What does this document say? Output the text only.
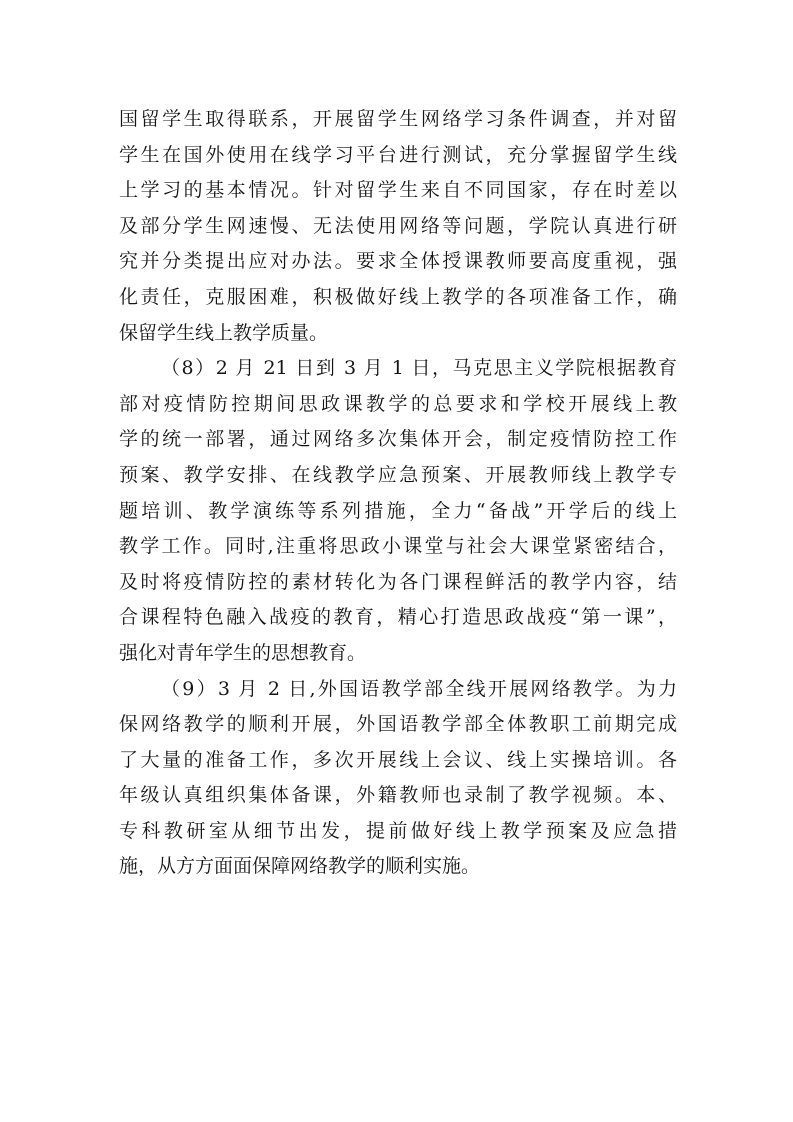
国留学生取得联系，开展留学生网络学习条件调查，并对留
学生在国外使用在线学习平台进行测试，充分掌握留学生线
上学习的基本情况。针对留学生来自不同国家，存在时差以
及部分学生网速慢、无法使用网络等问题，学院认真进行研
究并分类提出应对办法。要求全体授课教师要高度重视，强
化责任，克服困难，积极做好线上教学的各项准备工作，确
保留学生线上教学质量。
（8）2 月 21 日到 3 月 1 日，马克思主义学院根据教育
部对疫情防控期间思政课教学的总要求和学校开展线上教
学的统一部署，通过网络多次集体开会，制定疫情防控工作
预案、教学安排、在线教学应急预案、开展教师线上教学专
题培训、教学演练等系列措施，全力“备战”开学后的线上
教学工作。同时,注重将思政小课堂与社会大课堂紧密结合，
及时将疫情防控的素材转化为各门课程鲜活的教学内容，结
合课程特色融入战疫的教育，精心打造思政战疫“第一课”，
强化对青年学生的思想教育。
（9）3 月 2 日,外国语教学部全线开展网络教学。为力
保网络教学的顺利开展，外国语教学部全体教职工前期完成
了大量的准备工作，多次开展线上会议、线上实操培训。各
年级认真组织集体备课，外籍教师也录制了教学视频。本、
专科教研室从细节出发，提前做好线上教学预案及应急措
施，从方方面面保障网络教学的顺利实施。
